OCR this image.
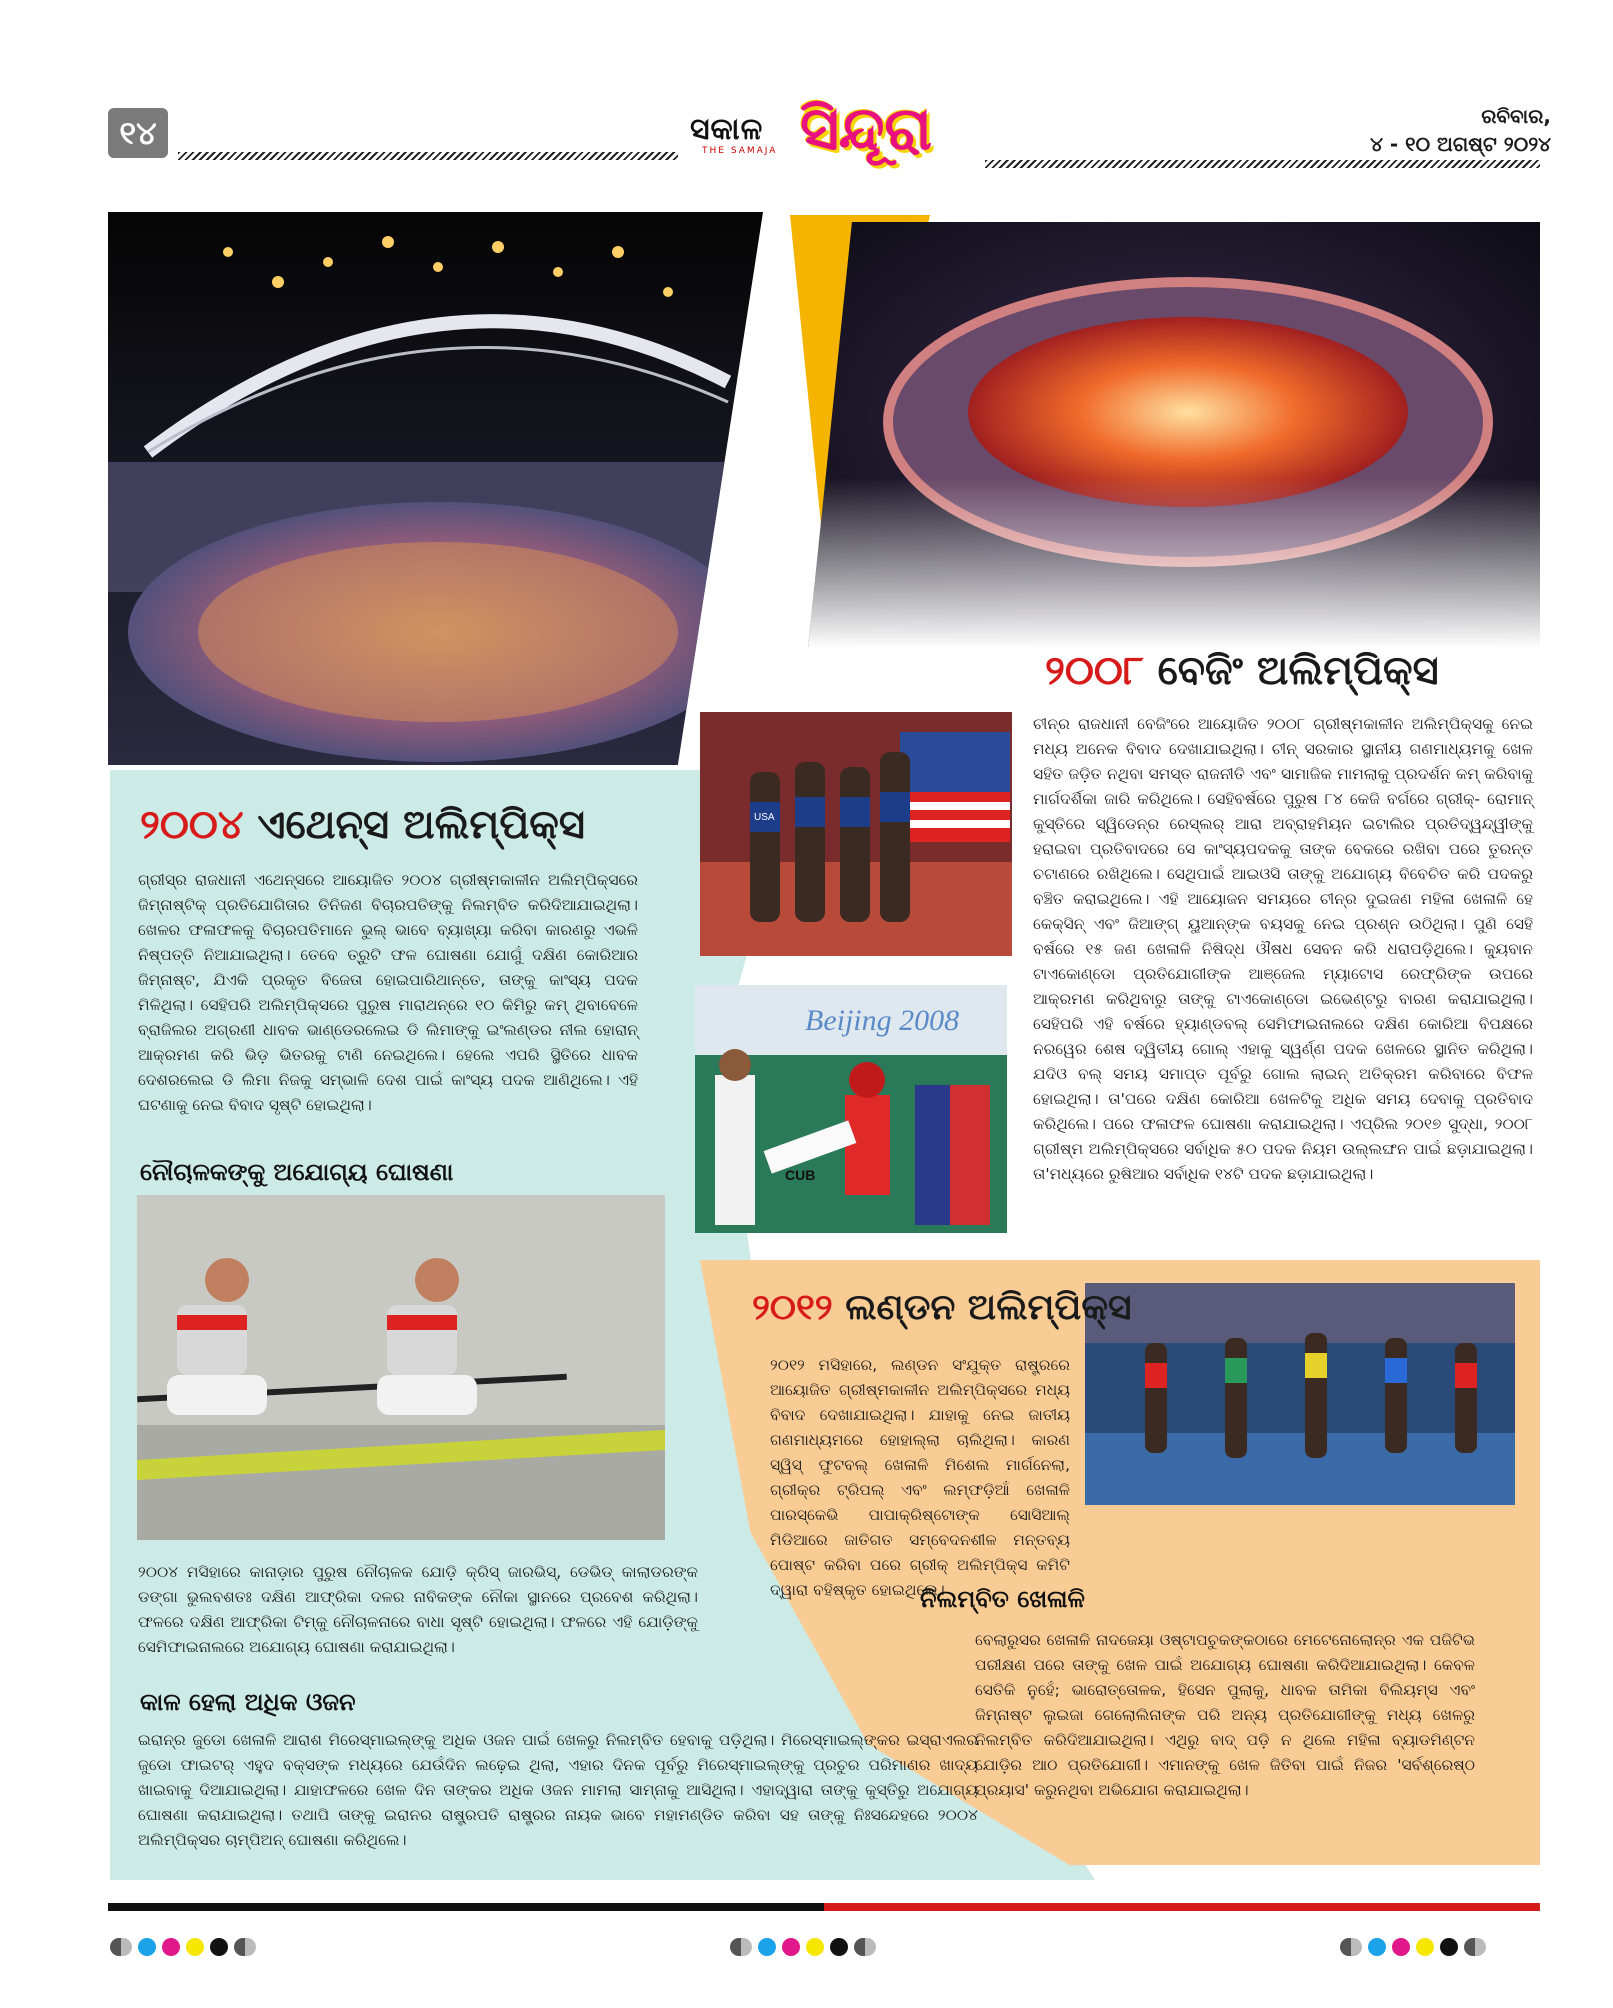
୧୪	ସକାଳ
THE SAMAJA ସିନ୍ଦୂରା	ରବିବାର,
୪ - ୧୦ ଅଗଷ୍ଟ ୨୦୨୪
USA
Beijing 2008
CUB
୨୦୦୪ ଏଥେନ୍ସ ଅଲିମ୍ପିକ୍ସ

ଗ୍ରୀସ୍‌ର ରାଜଧାନୀ ଏଥେନ୍ସରେ ଆୟୋଜିତ ୨୦୦୪ ଗ୍ରୀଷ୍ମକାଳୀନ ଅଲିମ୍ପିକ୍ସରେ ଜିମ୍‌ନାଷ୍ଟିକ୍ ପ୍ରତିଯୋଗିତାର ତିନିଜଣ ବିଚାରପତିଙ୍କୁ ନିଲମ୍ବିତ କରିଦିଆଯାଇଥିଲା। ଖେଳର ଫଳାଫଳକୁ ବିଚାରପତିମାନେ ଭୁଲ୍ ଭାବେ ବ୍ୟାଖ୍ୟା କରିବା କାରଣରୁ ଏଭଳି ନିଷ୍ପତ୍ତି ନିଆଯାଇଥିଲା। ତେବେ ତ୍ରୁଟି ଫଳ ଘୋଷଣା ଯୋଗୁଁ ଦକ୍ଷିଣ କୋରିଆର ଜିମ୍‌ନାଷ୍ଟ, ଯିଏକି ପ୍ରକୃତ ବିଜେତା ହୋଇପାରିଥାନ୍ତେ, ତାଙ୍କୁ କାଂସ୍ୟ ପଦକ ମିଳିଥିଲା। ସେହିପରି ଅଲିମ୍ପିକ୍ସରେ ପୁରୁଷ ମାରାଥନ୍‌ରେ ୧୦ କିମିରୁ କମ୍ ଥିବାବେଳେ ବ୍ରାଜିଲର ଅଗ୍ରଣୀ ଧାବକ ଭାଣ୍ଡେରଲେଇ ଡି ଲିମାଙ୍କୁ ଇଂଲଣ୍ଡର ନୀଲ ହୋରାନ୍ ଆକ୍ରମଣ କରି ଭିଡ଼ ଭିତରକୁ ଟାଣି ନେଇଥିଲେ। ହେଲେ ଏପରି ସ୍ଥିତିରେ ଧାବକ ଦେଶରଲେଇ ଡି ଲିମା ନିଜକୁ ସମ୍ଭାଳି ଦେଶ ପାଇଁ କାଂସ୍ୟ ପଦକ ଆଣିଥିଲେ। ଏହି ଘଟଣାକୁ ନେଇ ବିବାଦ ସୃଷ୍ଟି ହୋଇଥିଲା।

ନୌଚାଳକଙ୍କୁ ଅଯୋଗ୍ୟ ଘୋଷଣା

୨୦୦୪ ମସିହାରେ କାନାଡ଼ାର ପୁରୁଷ ନୌଚାଳକ ଯୋଡ଼ି କ୍ରିସ୍ ଜାରଭିସ୍, ଡେଭିଡ୍ କାଲାଡରଙ୍କ ଡଙ୍ଗା ଭୁଲବଶତଃ ଦକ୍ଷିଣ ଆଫ୍ରିକା ଦଳର ନାବିକଙ୍କ ନୌକା ସ୍ଥାନରେ ପ୍ରବେଶ କରିଥିଲା। ଫଳରେ ଦକ୍ଷିଣ ଆଫ୍ରିକା ଟିମ୍‌କୁ ନୌଚାଳନାରେ ବାଧା ସୃଷ୍ଟି ହୋଇଥିଲା। ଫଳରେ ଏହି ଯୋଡ଼ିଙ୍କୁ ସେମିଫାଇନାଲରେ ଅଯୋଗ୍ୟ ଘୋଷଣା କରାଯାଇଥିଲା।

କାଳ ହେଲା ଅଧିକ ଓଜନ

ଇରାନ୍‌ର ଜୁଡୋ ଖେଳାଳି ଆରାଶ ମିରେସ୍‌ମାଇଲ୍‌ଙ୍କୁ ଅଧିକ ଓଜନ ପାଇଁ ଖେଳରୁ ନିଲମ୍ବିତ ହେବାକୁ ପଡ଼ିଥିଲା। ମିରେସ୍‌ମାଇଲ୍‌ଙ୍କର ଇସ୍ରାଏଲର ଜୁଡୋ ଫାଇଟର୍ ଏହୁଦ ବକ୍ସଙ୍କ ମଧ୍ୟରେ ଯେଉଁଦିନ ଲଢ଼େଇ ଥିଲା, ଏହାର ଦିନକ ପୂର୍ବରୁ ମିରେସ୍‌ମାଇଲ୍‌ଙ୍କୁ ପ୍ରଚୁର ପରିମାଣର ଖାଦ୍ୟ ଖାଇବାକୁ ଦିଆଯାଇଥିଲା। ଯାହାଫଳରେ ଖେଳ ଦିନ ତାଙ୍କର ଅଧିକ ଓଜନ ମାମଲା ସାମ୍ନାକୁ ଆସିଥିଲା। ଏହାଦ୍ୱାରା ତାଙ୍କୁ କୁସ୍ତିରୁ ଅଯୋଗ୍ୟ ଘୋଷଣା କରାଯାଇଥିଲା। ତଥାପି ତାଙ୍କୁ ଇରାନର ରାଷ୍ଟ୍ରପତି ରାଷ୍ଟ୍ରର ନାୟକ ଭାବେ ମହାମଣ୍ଡିତ କରିବା ସହ ତାଙ୍କୁ ନିଃସନ୍ଦେହରେ ୨୦୦୪ ଅଲିମ୍ପିକ୍ସର ଚାମ୍ପିଅନ୍ ଘୋଷଣା କରିଥିଲେ।

୨୦୦୮ ବେଜିଂ ଅଲିମ୍ପିକ୍ସ

ଚୀନ୍‌ର ରାଜଧାନୀ ବେଜିଂରେ ଆୟୋଜିତ ୨୦୦୮ ଗ୍ରୀଷ୍ମକାଳୀନ ଅଲିମ୍ପିକ୍ସକୁ ନେଇ ମଧ୍ୟ ଅନେକ ବିବାଦ ଦେଖାଯାଇଥିଲା। ଚୀନ୍ ସରକାର ସ୍ଥାନୀୟ ଗଣମାଧ୍ୟମକୁ ଖେଳ ସହିତ ଜଡ଼ିତ ନଥିବା ସମସ୍ତ ରାଜନୀତି ଏବଂ ସାମାଜିକ ମାମଲାକୁ ପ୍ରଦର୍ଶନ କମ୍ କରିବାକୁ ମାର୍ଗଦର୍ଶିକା ଜାରି କରିଥିଲେ। ସେହିବର୍ଷରେ ପୁରୁଷ ୮୪ କେଜି ବର୍ଗରେ ଗ୍ରୀକ୍- ରୋମାନ୍ କୁସ୍ତିରେ ସ୍ୱିଡେନ୍‌ର ରେସ୍‌ଲର୍ ଆରା ଅବ୍ରାହମିୟନ ଇଟାଲିର ପ୍ରତିଦ୍ୱନ୍ଦ୍ୱୀଙ୍କୁ ହରାଇବା ପ୍ରତିବାଦରେ ସେ କାଂସ୍ୟପଦକକୁ ତାଙ୍କ ବେକରେ ରଖିବା ପରେ ତୁରନ୍ତ ଚଟାଣରେ ରଖିଥିଲେ। ସେଥିପାଇଁ ଆଇଓସି ତାଙ୍କୁ ଅଯୋଗ୍ୟ ବିବେଚିତ କରି ପଦକରୁ ବଞ୍ଚିତ କରାଇଥିଲେ। ଏହି ଆୟୋଜନ ସମୟରେ ଚୀନ୍‌ର ଦୁଇଜଣ ମହିଳା ଖେଳାଳି ହେ କେକ୍ସିନ୍ ଏବଂ ଜିଆଙ୍ଗ୍ ୟୁଆନ୍‌ଙ୍କ ବୟସକୁ ନେଇ ପ୍ରଶ୍ନ ଉଠିଥିଲା। ପୁଣି ସେହି ବର୍ଷରେ ୧୫ ଜଣ ଖେଳାଳି ନିଷିଦ୍ଧ ଔଷଧ ସେବନ କରି ଧରାପଡ଼ିଥିଲେ। କ୍ୟୁବାନ ଟାଏକୋଣ୍ଡୋ ପ୍ରତିଯୋଗୀଙ୍କ ଆଞ୍ଜେଲ ମ୍ୟାଟୋସ ରେଫ୍‌ରିଙ୍କ ଉପରେ ଆକ୍ରମଣ କରିଥିବାରୁ ତାଙ୍କୁ ଟାଏକୋଣ୍ଡୋ ଇଭେଣ୍ଟରୁ ବାରଣ କରାଯାଇଥିଲା। ସେହିପରି ଏହି ବର୍ଷରେ ହ୍ୟାଣ୍ଡବଲ୍ ସେମିଫାଇନାଲରେ ଦକ୍ଷିଣ କୋରିଆ ବିପକ୍ଷରେ ନରୱେର ଶେଷ ଦ୍ୱିତୀୟ ଗୋଲ୍ ଏହାକୁ ସ୍ୱର୍ଣ୍ଣ ପଦକ ଖେଳରେ ସ୍ଥାନିତ କରିଥିଲା। ଯଦିଓ ବଲ୍ ସମୟ ସମାପ୍ତ ପୂର୍ବରୁ ଗୋଲ ଲାଇନ୍ ଅତିକ୍ରମ କରିବାରେ ବିଫଳ ହୋଇଥିଲା। ତା'ପରେ ଦକ୍ଷିଣ କୋରିଆ ଖେଳଟିକୁ ଅଧିକ ସମୟ ଦେବାକୁ ପ୍ରତିବାଦ କରିଥିଲେ। ପରେ ଫଳାଫଳ ଘୋଷଣା କରାଯାଇଥିଲା। ଏପ୍ରିଲ ୨୦୧୭ ସୁଦ୍ଧା, ୨୦୦୮ ଗ୍ରୀଷ୍ମ ଅଲିମ୍ପିକ୍ସରେ ସର୍ବାଧିକ ୫୦ ପଦକ ନିୟମ ଉଲ୍ଲଙ୍ଘନ ପାଇଁ ଛଡ଼ାଯାଇଥିଲା। ତା'ମଧ୍ୟରେ ରୁଷିଆର ସର୍ବାଧିକ ୧୪ଟି ପଦକ ଛଡ଼ାଯାଇଥିଲା।

୨୦୧୨ ଲଣ୍ଡନ ଅଲିମ୍ପିକ୍ସ

୨୦୧୨ ମସିହାରେ, ଲଣ୍ଡନ ସଂଯୁକ୍ତ ରାଷ୍ଟ୍ରରେ ଆୟୋଜିତ ଗ୍ରୀଷ୍ମକାଳୀନ ଅଲିମ୍ପିକ୍ସରେ ମଧ୍ୟ ବିବାଦ ଦେଖାଯାଇଥିଲା। ଯାହାକୁ ନେଇ ଜାତୀୟ ଗଣମାଧ୍ୟମରେ ହୋହାଲ୍ଲା ଚାଲିଥିଲା। କାରଣ ସ୍ୱିସ୍ ଫୁଟବଲ୍ ଖେଳାଳି ମିଶେଲ ମାର୍ଗନେଲା, ଗ୍ରୀକ୍‌ର ଟ୍ରିପଲ୍ ଏବଂ ଲମ୍ଫଡ଼ିଆଁ ଖେଳାଳି ପାରସ୍କେଭି ପାପାକ୍ରିଷ୍ଟୋଙ୍କ ସୋସିଆଲ୍ ମିଡିଆରେ ଜାତିଗତ ସମ୍ବେଦନଶୀଳ ମନ୍ତବ୍ୟ ପୋଷ୍ଟ କରିବା ପରେ ଗ୍ରୀକ୍ ଅଲିମ୍ପିକ୍ସ କମିଟି ଦ୍ୱାରା ବହିଷ୍କୃତ ହୋଇଥିଲେ।

ନିଲମ୍ବିତ ଖେଳାଳି

ବେଲାରୁସର ଖେଳାଳି ନାଦଜେୟା ଓଷ୍ଟାପଚୁକଙ୍କଠାରେ ମେଟେନୋଲୋନ୍‌ର ଏକ ପଜିଟିଭ ପରୀକ୍ଷଣ ପରେ ତାଙ୍କୁ ଖେଳ ପାଇଁ ଅଯୋଗ୍ୟ ଘୋଷଣା କରିଦିଆଯାଇଥିଲା। କେବଳ ସେତିକି ନୁହେଁ; ଭାରୋତ୍ତୋଳକ, ହିସେନ ପୁଲାକୁ, ଧାବକ ତାମିକା ବିଲିୟମ୍ସ ଏବଂ ଜିମ୍ନାଷ୍ଟ ଲୁଇଜା ଗେଲୋଲିନାଙ୍କ ପରି ଅନ୍ୟ ପ୍ରତିଯୋଗୀଙ୍କୁ ମଧ୍ୟ ଖେଳରୁ ନିଲମ୍ବିତ କରିଦିଆଯାଇଥିଲା। ଏଥିରୁ ବାଦ୍ ପଡ଼ି ନ ଥିଲେ ମହିଳା ବ୍ୟାଡମିଣ୍ଟନ ଯୋଡ଼ିର ଆଠ ପ୍ରତିଯୋଗୀ। ଏମାନଙ୍କୁ ଖେଳ ଜିତିବା ପାଇଁ ନିଜର 'ସର୍ବଶ୍ରେଷ୍ଠ ପ୍ରୟାସ' କରୁନଥିବା ଅଭିଯୋଗ କରାଯାଇଥିଲା।
